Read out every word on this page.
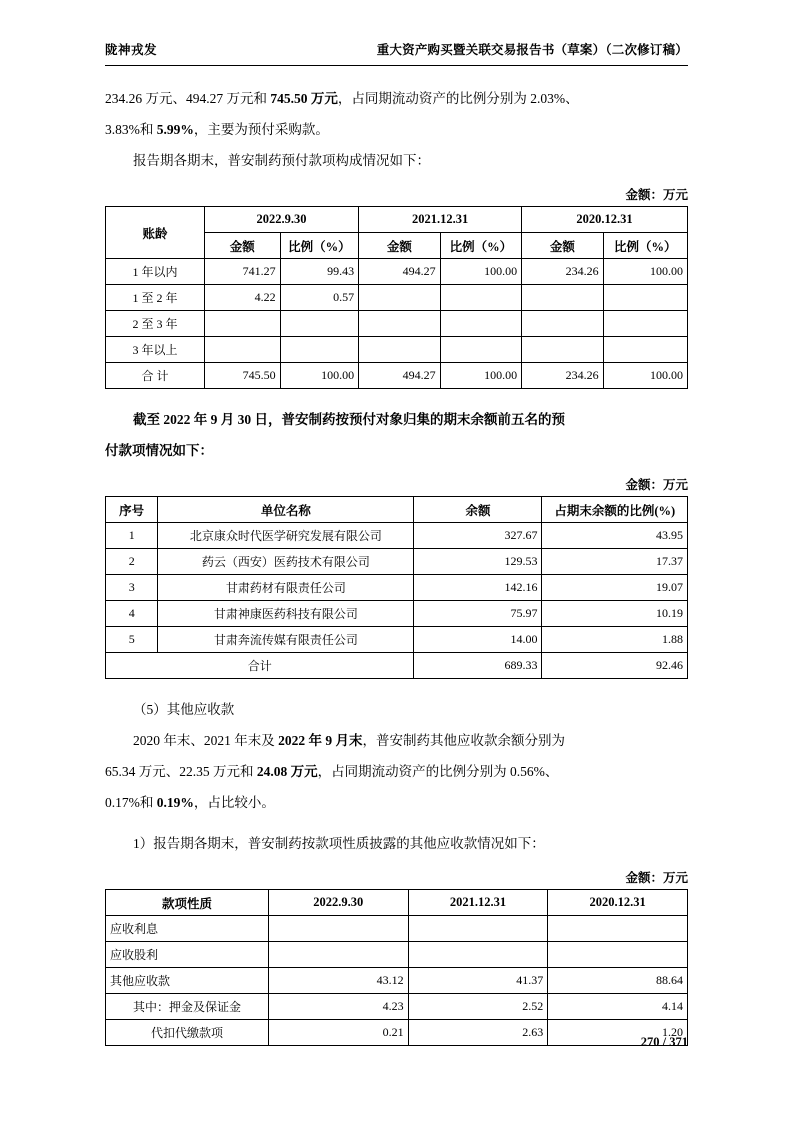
陇神戎发	重大资产购买暨关联交易报告书（草案）（二次修订稿）

234.26 万元、494.27 万元和 745.50 万元，占同期流动资产的比例分别为 2.03%、

3.83%和 5.99%，主要为预付采购款。

报告期各期末，普安制药预付款项构成情况如下：

金额：万元
账龄	2022.9.30		2021.12.31		2020.12.31	
	金额	比例（%）	金额	比例（%）	金额	比例（%）
1 年以内	741.27	99.43	494.27	100.00	234.26	100.00
1 至 2 年	4.22	0.57				
2 至 3 年						
3 年以上						
合 计	745.50	100.00	494.27	100.00	234.26	100.00

截至 2022 年 9 月 30 日，普安制药按预付对象归集的期末余额前五名的预

付款项情况如下：

金额：万元
序号	单位名称	余额	占期末余额的比例(%)
1	北京康众时代医学研究发展有限公司	327.67	43.95
2	药云（西安）医药技术有限公司	129.53	17.37
3	甘肃药材有限责任公司	142.16	19.07
4	甘肃神康医药科技有限公司	75.97	10.19
5	甘肃奔流传媒有限责任公司	14.00	1.88
合计		689.33	92.46

（5）其他应收款

2020 年末、2021 年末及 2022 年 9 月末，普安制药其他应收款余额分别为

65.34 万元、22.35 万元和 24.08 万元，占同期流动资产的比例分别为 0.56%、

0.17%和 0.19%，占比较小。

1）报告期各期末，普安制药按款项性质披露的其他应收款情况如下：

金额：万元
款项性质	2022.9.30	2021.12.31	2020.12.31
应收利息			
应收股利			
其他应收款	43.12	41.37	88.64
其中：押金及保证金	4.23	2.52	4.14
代扣代缴款项	0.21	2.63	1.20
270 / 371
